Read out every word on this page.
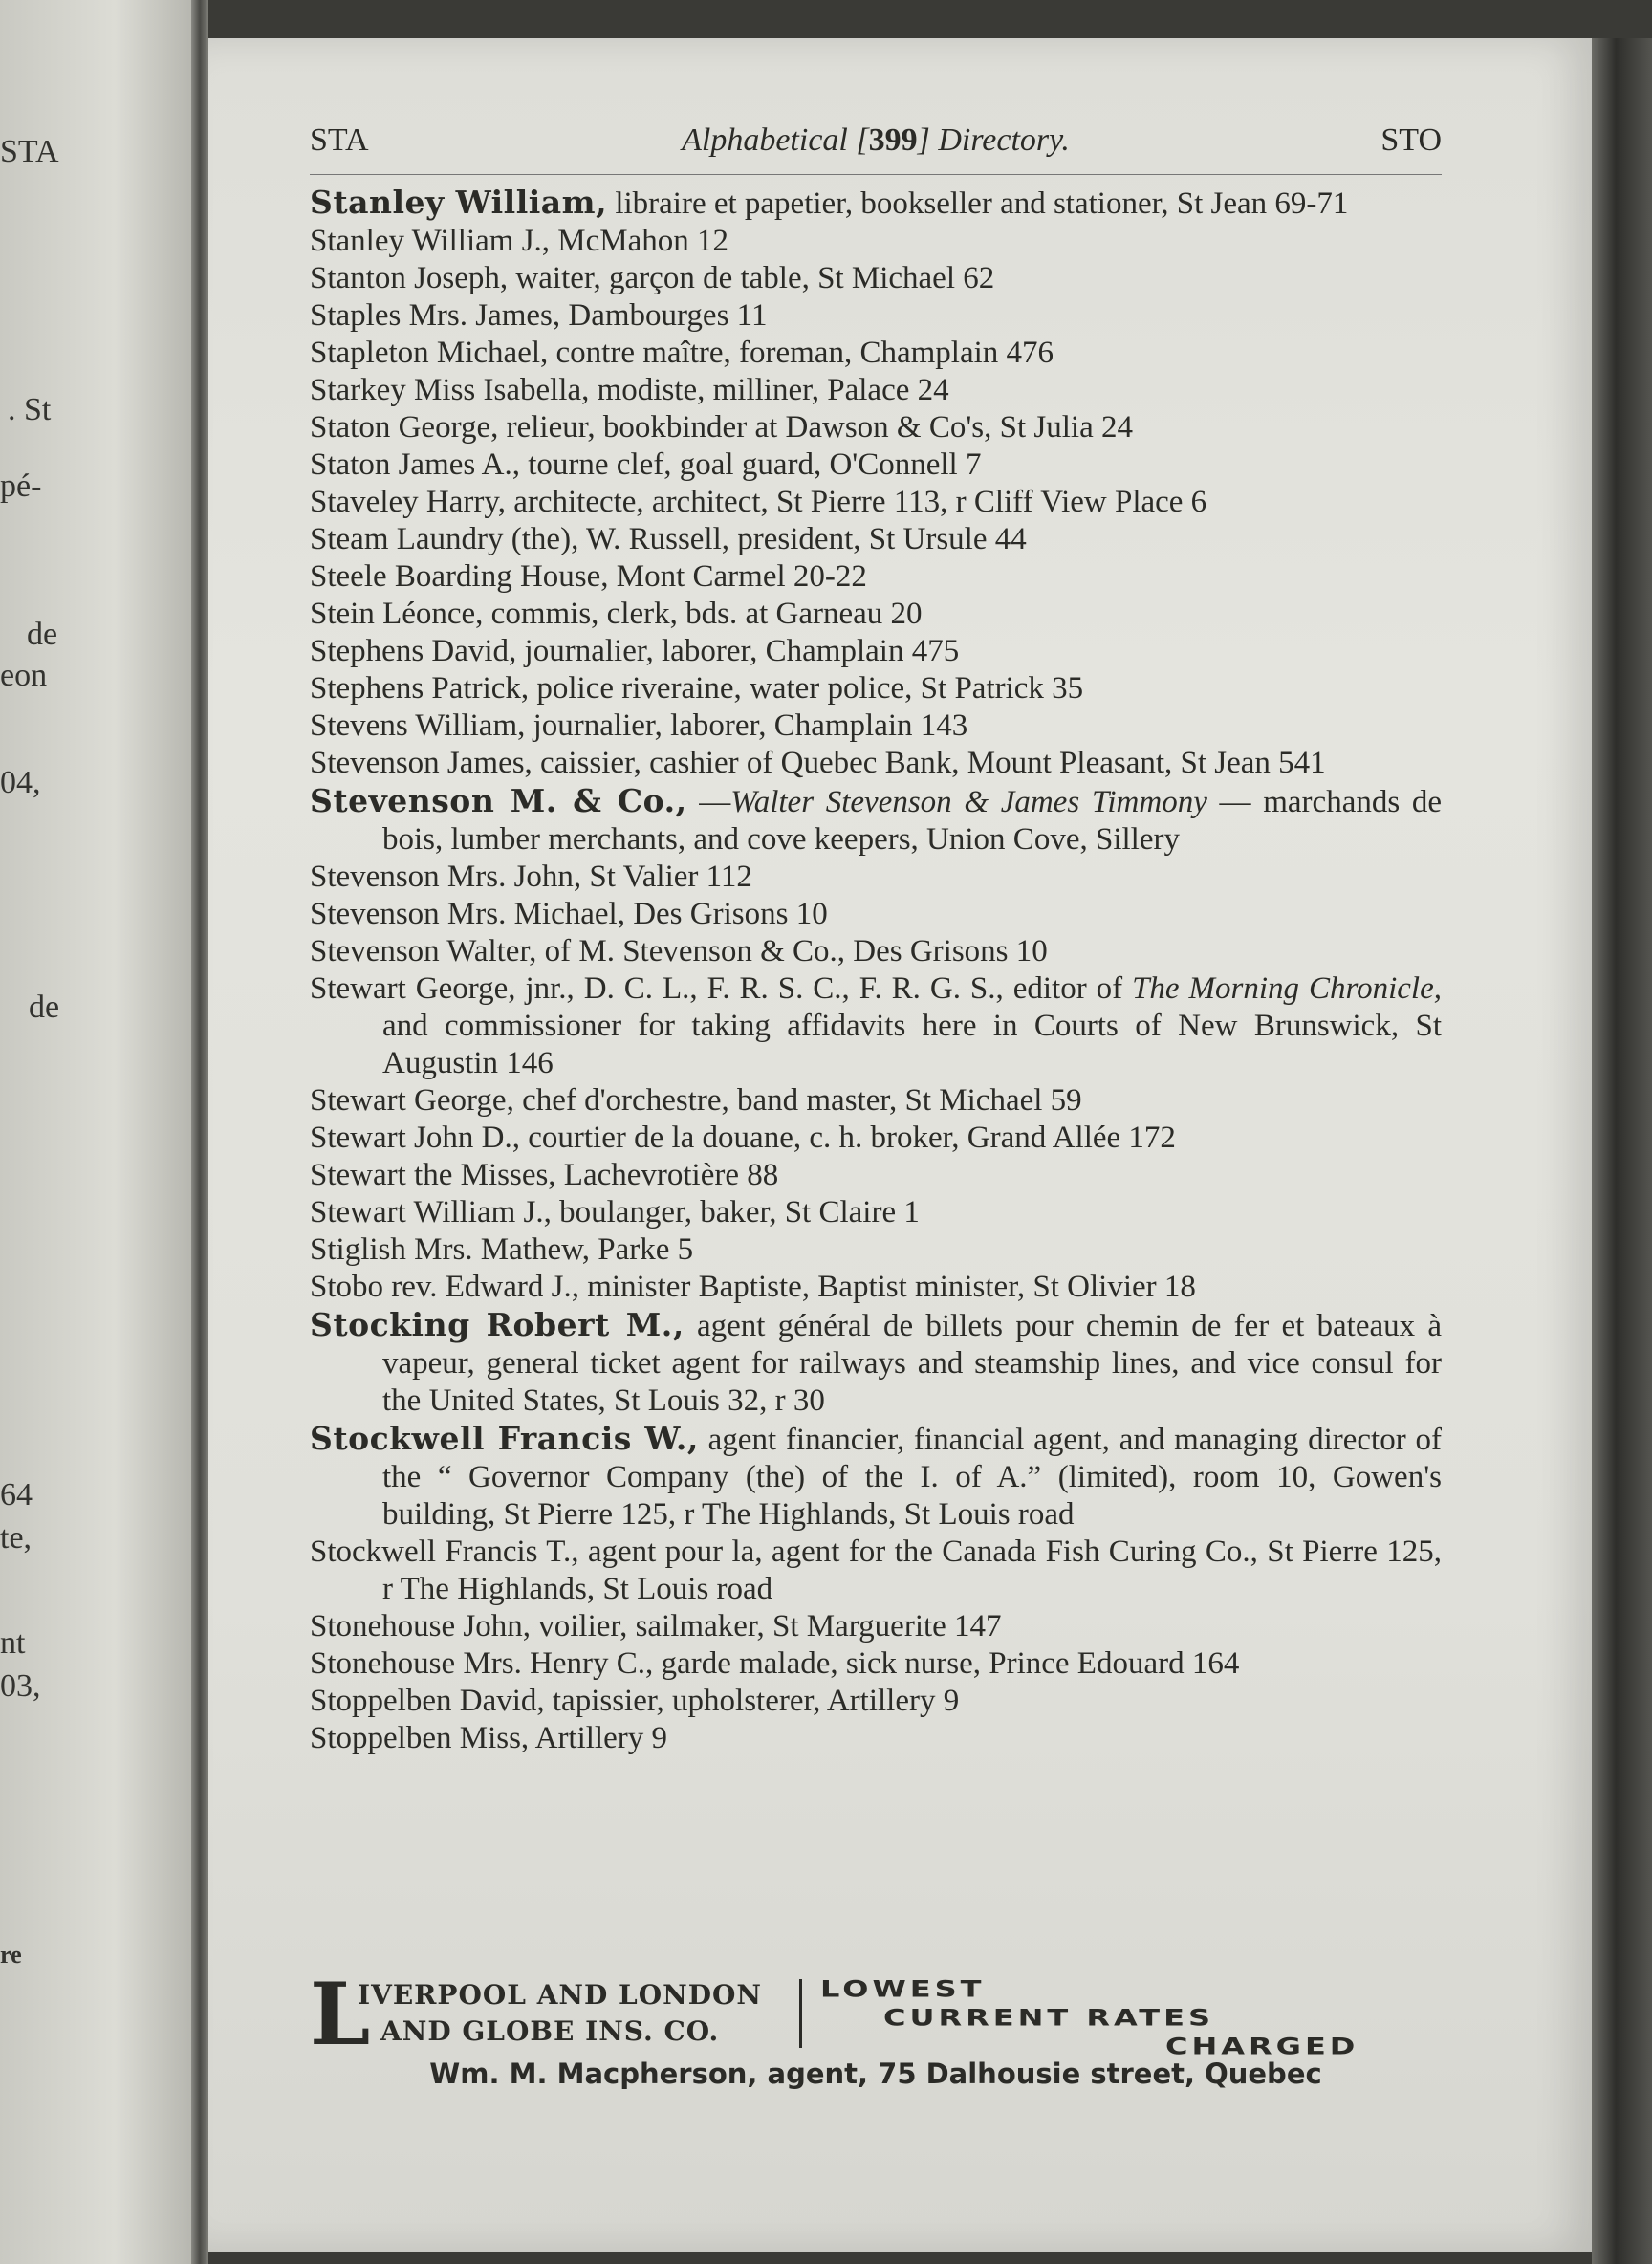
STA
. St
pé-
de
eon
04,
de
64
te,
nt
03,
re
STA	Alphabetical [399] Directory.	STO
Stanley William, libraire et papetier, bookseller and stationer, St Jean 69-71
Stanley William J., McMahon 12
Stanton Joseph, waiter, garçon de table, St Michael 62
Staples Mrs. James, Dambourges 11
Stapleton Michael, contre maître, foreman, Champlain 476
Starkey Miss Isabella, modiste, milliner, Palace 24
Staton George, relieur, bookbinder at Dawson & Co's, St Julia 24
Staton James A., tourne clef, goal guard, O'Connell 7
Staveley Harry, architecte, architect, St Pierre 113, r Cliff View Place 6
Steam Laundry (the), W. Russell, president, St Ursule 44
Steele Boarding House, Mont Carmel 20-22
Stein Léonce, commis, clerk, bds. at Garneau 20
Stephens David, journalier, laborer, Champlain 475
Stephens Patrick, police riveraine, water police, St Patrick 35
Stevens William, journalier, laborer, Champlain 143
Stevenson James, caissier, cashier of Quebec Bank, Mount Pleasant, St Jean 541
Stevenson M. & Co., —Walter Stevenson & James Timmony — marchands de bois, lumber merchants, and cove keepers, Union Cove, Sillery
Stevenson Mrs. John, St Valier 112
Stevenson Mrs. Michael, Des Grisons 10
Stevenson Walter, of M. Stevenson & Co., Des Grisons 10
Stewart George, jnr., D. C. L., F. R. S. C., F. R. G. S., editor of The Morning Chronicle, and commissioner for taking affidavits here in Courts of New Brunswick, St Augustin 146
Stewart George, chef d'orchestre, band master, St Michael 59
Stewart John D., courtier de la douane, c. h. broker, Grand Allée 172
Stewart the Misses, Lachevrotière 88
Stewart William J., boulanger, baker, St Claire 1
Stiglish Mrs. Mathew, Parke 5
Stobo rev. Edward J., minister Baptiste, Baptist minister, St Olivier 18
Stocking Robert M., agent général de billets pour chemin de fer et bateaux à vapeur, general ticket agent for railways and steamship lines, and vice consul for the United States, St Louis 32, r 30
Stockwell Francis W., agent financier, financial agent, and managing director of the “ Governor Company (the) of the I. of A.” (limited), room 10, Gowen's building, St Pierre 125, r The Highlands, St Louis road
Stockwell Francis T., agent pour la, agent for the Canada Fish Curing Co., St Pierre 125, r The Highlands, St Louis road
Stonehouse John, voilier, sailmaker, St Marguerite 147
Stonehouse Mrs. Henry C., garde malade, sick nurse, Prince Edouard 164
Stoppelben David, tapissier, upholsterer, Artillery 9
Stoppelben Miss, Artillery 9
L
IVERPOOL AND LONDON
AND GLOBE INS. CO.
LOWEST
CURRENT RATES
CHARGED
Wm. M. Macpherson, agent, 75 Dalhousie street, Quebec
